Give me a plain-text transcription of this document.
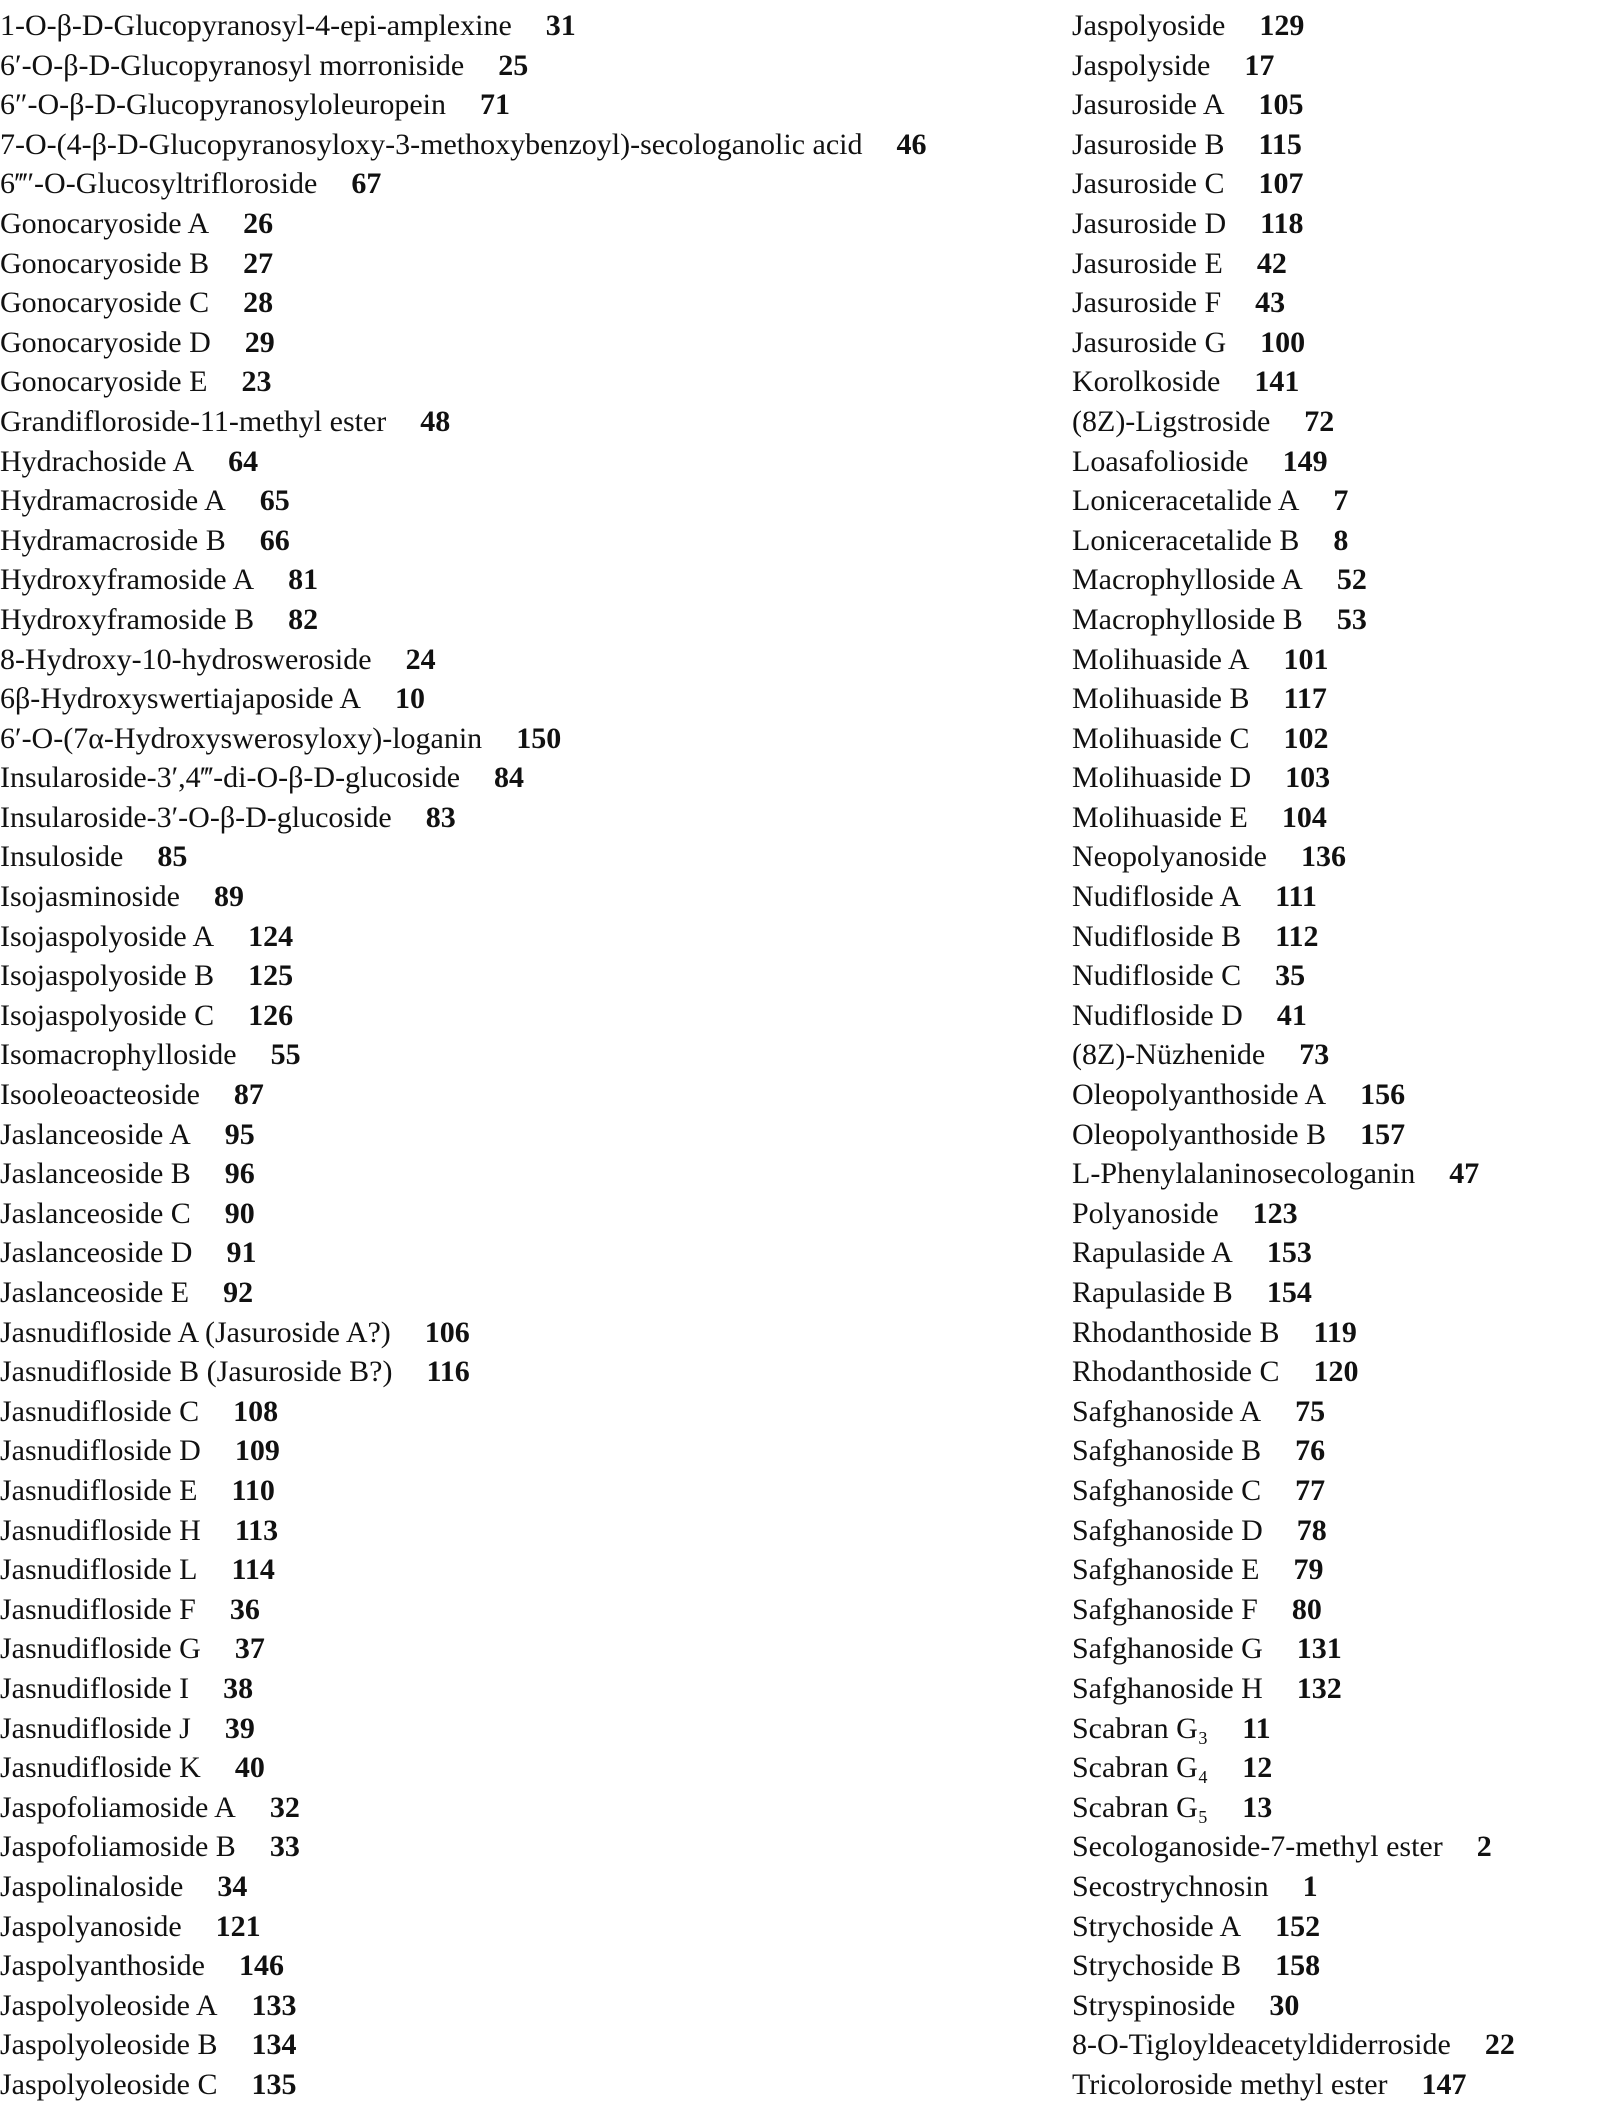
1-O-β-D-Glucopyranosyl-4-epi-amplexine 31
6′-O-β-D-Glucopyranosyl morroniside 25
6″-O-β-D-Glucopyranosyloleuropein 71
7-O-(4-β-D-Glucopyranosyloxy-3-methoxybenzoyl)-secologanolic acid 46
6‴′-O-Glucosyltrifloroside 67
Gonocaryoside A 26
Gonocaryoside B 27
Gonocaryoside C 28
Gonocaryoside D 29
Gonocaryoside E 23
Grandifloroside-11-methyl ester 48
Hydrachoside A 64
Hydramacroside A 65
Hydramacroside B 66
Hydroxyframoside A 81
Hydroxyframoside B 82
8-Hydroxy-10-hydrosweroside 24
6β-Hydroxyswertiajaposide A 10
6′-O-(7α-Hydroxyswerosyloxy)-loganin 150
Insularoside-3′,4‴-di-O-β-D-glucoside 84
Insularoside-3′-O-β-D-glucoside 83
Insuloside 85
Isojasminoside 89
Isojaspolyoside A 124
Isojaspolyoside B 125
Isojaspolyoside C 126
Isomacrophylloside 55
Isooleoacteoside 87
Jaslanceoside A 95
Jaslanceoside B 96
Jaslanceoside C 90
Jaslanceoside D 91
Jaslanceoside E 92
Jasnudifloside A (Jasuroside A?) 106
Jasnudifloside B (Jasuroside B?) 116
Jasnudifloside C 108
Jasnudifloside D 109
Jasnudifloside E 110
Jasnudifloside H 113
Jasnudifloside L 114
Jasnudifloside F 36
Jasnudifloside G 37
Jasnudifloside I 38
Jasnudifloside J 39
Jasnudifloside K 40
Jaspofoliamoside A 32
Jaspofoliamoside B 33
Jaspolinaloside 34
Jaspolyanoside 121
Jaspolyanthoside 146
Jaspolyoleoside A 133
Jaspolyoleoside B 134
Jaspolyoleoside C 135
Jaspolyoside 129
Jaspolyside 17
Jasuroside A 105
Jasuroside B 115
Jasuroside C 107
Jasuroside D 118
Jasuroside E 42
Jasuroside F 43
Jasuroside G 100
Korolkoside 141
(8Z)-Ligstroside 72
Loasafolioside 149
Loniceracetalide A 7
Loniceracetalide B 8
Macrophylloside A 52
Macrophylloside B 53
Molihuaside A 101
Molihuaside B 117
Molihuaside C 102
Molihuaside D 103
Molihuaside E 104
Neopolyanoside 136
Nudifloside A 111
Nudifloside B 112
Nudifloside C 35
Nudifloside D 41
(8Z)-Nüzhenide 73
Oleopolyanthoside A 156
Oleopolyanthoside B 157
L-Phenylalaninosecologanin 47
Polyanoside 123
Rapulaside A 153
Rapulaside B 154
Rhodanthoside B 119
Rhodanthoside C 120
Safghanoside A 75
Safghanoside B 76
Safghanoside C 77
Safghanoside D 78
Safghanoside E 79
Safghanoside F 80
Safghanoside G 131
Safghanoside H 132
Scabran G₃ 11
Scabran G₄ 12
Scabran G₅ 13
Secologanoside-7-methyl ester 2
Secostrychnosin 1
Strychoside A 152
Strychoside B 158
Stryspinoside 30
8-O-Tigloyldeacetyldiderroside 22
Tricoloroside methyl ester 147
